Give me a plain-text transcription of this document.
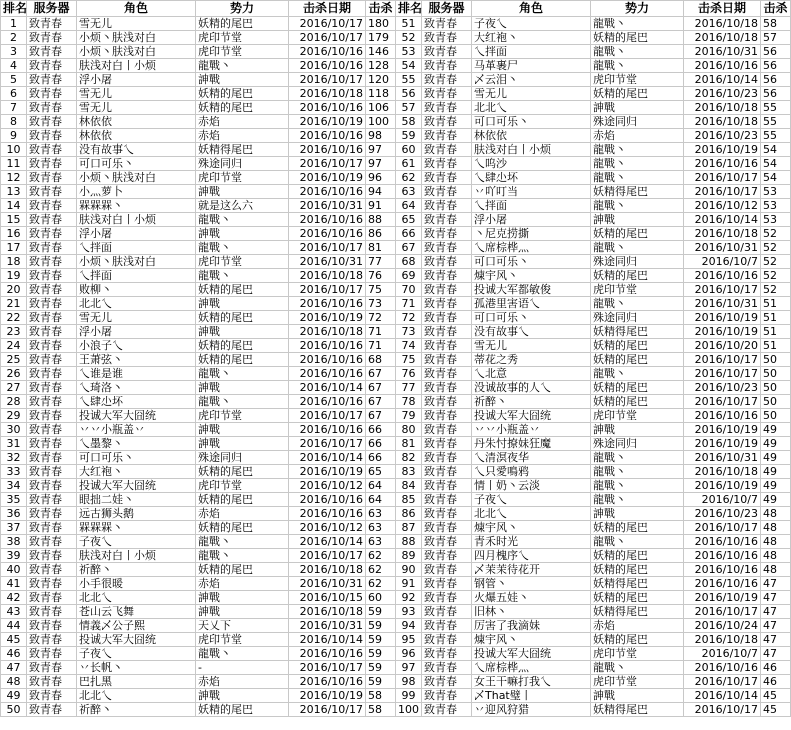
排名	服务器	角色	势力	击杀日期	击杀	排名	服务器	角色	势力	击杀日期	击杀
1	致青春	雪无儿	妖精的尾巴	2016/10/17	180	51	致青春	子夜乀	龍戰丶	2016/10/18	58
2	致青春	小烦丶肤浅对白	虎印节堂	2016/10/17	179	52	致青春	大红袍丶	妖精的尾巴	2016/10/18	57
3	致青春	小烦丶肤浅对白	虎印节堂	2016/10/16	146	53	致青春	乀拌面	龍戰丶	2016/10/31	56
4	致青春	肤浅对白丨小烦	龍戰丶	2016/10/16	128	54	致青春	马革裹尸	龍戰丶	2016/10/16	56
5	致青春	浮小屠	訷戰	2016/10/17	120	55	致青春	乄云泪丶	虎印节堂	2016/10/14	56
6	致青春	雪无儿	妖精的尾巴	2016/10/18	118	56	致青春	雪无儿	妖精的尾巴	2016/10/23	56
7	致青春	雪无儿	妖精的尾巴	2016/10/16	106	57	致青春	北北乀	訷戰	2016/10/18	55
8	致青春	林依依	赤焰	2016/10/19	100	58	致青春	可口可乐丶	殊途同归	2016/10/18	55
9	致青春	林依依	赤焰	2016/10/16	98	59	致青春	林依依	赤焰	2016/10/23	55
10	致青春	没有故事乀	妖精得尾巴	2016/10/16	97	60	致青春	肤浅对白丨小烦	龍戰丶	2016/10/19	54
11	致青春	可口可乐丶	殊途同归	2016/10/17	97	61	致青春	乀呜沙	龍戰丶	2016/10/16	54
12	致青春	小烦丶肤浅对白	虎印节堂	2016/10/19	96	62	致青春	乀肆尐坏	龍戰丶	2016/10/17	54
13	致青春	小灬萝卜	訷戰	2016/10/16	94	63	致青春	丷吖叮当	妖精得尾巴	2016/10/17	53
14	致青春	槑槑槑丶	就是这么六	2016/10/31	91	64	致青春	乀拌面	龍戰丶	2016/10/12	53
15	致青春	肤浅对白丨小烦	龍戰丶	2016/10/16	88	65	致青春	浮小屠	訷戰	2016/10/14	53
16	致青春	浮小屠	訷戰	2016/10/16	86	66	致青春	丶尼克捞撕	妖精的尾巴	2016/10/18	52
17	致青春	乀拌面	龍戰丶	2016/10/17	81	67	致青春	乀席棕桦灬	龍戰丶	2016/10/31	52
18	致青春	小烦丶肤浅对白	虎印节堂	2016/10/31	77	68	致青春	可口可乐丶	殊途同归	2016/10/7	52
19	致青春	乀拌面	龍戰丶	2016/10/18	76	69	致青春	煉宇风丶	妖精的尾巴	2016/10/16	52
20	致青春	败柳丶	妖精的尾巴	2016/10/17	75	70	致青春	投诚大军都敏俊	虎印节堂	2016/10/17	52
21	致青春	北北乀	訷戰	2016/10/16	73	71	致青春	孤港里害语乀	龍戰丶	2016/10/31	51
22	致青春	雪无儿	妖精的尾巴	2016/10/19	72	72	致青春	可口可乐丶	殊途同归	2016/10/19	51
23	致青春	浮小屠	訷戰	2016/10/18	71	73	致青春	没有故事乀	妖精得尾巴	2016/10/19	51
24	致青春	小浪子乀	妖精的尾巴	2016/10/16	71	74	致青春	雪无儿	妖精的尾巴	2016/10/20	51
25	致青春	王萧弦丶	妖精的尾巴	2016/10/16	68	75	致青春	蒂花之秀	妖精的尾巴	2016/10/17	50
26	致青春	乀谁是谁	龍戰丶	2016/10/16	67	76	致青春	乀北意	龍戰丶	2016/10/17	50
27	致青春	乀琦洛丶	訷戰	2016/10/14	67	77	致青春	没诚故事的人乀	妖精的尾巴	2016/10/23	50
28	致青春	乀肆尐坏	龍戰丶	2016/10/16	67	78	致青春	祈醉丶	妖精的尾巴	2016/10/17	50
29	致青春	投诚大军大囧统	虎印节堂	2016/10/17	67	79	致青春	投诚大军大囧统	虎印节堂	2016/10/16	50
30	致青春	丷丷小瓶盖丷	訷戰	2016/10/16	66	80	致青春	丷丷小瓶盖丷	訷戰	2016/10/19	49
31	致青春	乀墨黎丶	訷戰	2016/10/17	66	81	致青春	丹朱忖撩妹狂魔	殊途同归	2016/10/19	49
32	致青春	可口可乐丶	殊途同归	2016/10/14	66	82	致青春	乀清溟夜华	龍戰丶	2016/10/31	49
33	致青春	大红袍丶	妖精的尾巴	2016/10/19	65	83	致青春	乀只愛鳴鸦	龍戰丶	2016/10/18	49
34	致青春	投诚大军大囧统	虎印节堂	2016/10/12	64	84	致青春	情丨奶丶云淡	龍戰丶	2016/10/19	49
35	致青春	眼拙二娃丶	妖精的尾巴	2016/10/16	64	85	致青春	子夜乀	龍戰丶	2016/10/7	49
36	致青春	远古狮头鹅	赤焰	2016/10/16	63	86	致青春	北北乀	訷戰	2016/10/23	48
37	致青春	槑槑槑丶	妖精的尾巴	2016/10/12	63	87	致青春	煉宇风丶	妖精的尾巴	2016/10/17	48
38	致青春	子夜乀	龍戰丶	2016/10/14	63	88	致青春	青禾时光	龍戰丶	2016/10/16	48
39	致青春	肤浅对白丨小烦	龍戰丶	2016/10/17	62	89	致青春	四月槐序乀	妖精的尾巴	2016/10/16	48
40	致青春	祈醉丶	妖精的尾巴	2016/10/18	62	90	致青春	乄茉茉待花开	妖精的尾巴	2016/10/16	48
41	致青春	小手很暖	赤焰	2016/10/31	62	91	致青春	钢管丶	妖精得尾巴	2016/10/16	47
42	致青春	北北乀	訷戰	2016/10/15	60	92	致青春	火爆五娃丶	妖精的尾巴	2016/10/19	47
43	致青春	苍山云飞舞	訷戰	2016/10/18	59	93	致青春	旧林丶	妖精得尾巴	2016/10/17	47
44	致青春	情義乄公子熙	天乂下	2016/10/31	59	94	致青春	厉害了我滴妹	赤焰	2016/10/24	47
45	致青春	投诚大军大囧统	虎印节堂	2016/10/14	59	95	致青春	煉宇风丶	妖精的尾巴	2016/10/18	47
46	致青春	子夜乀	龍戰丶	2016/10/16	59	96	致青春	投诚大军大囧统	虎印节堂	2016/10/7	47
47	致青春	丷长帆丶	-	2016/10/17	59	97	致青春	乀席棕桦灬	龍戰丶	2016/10/16	46
48	致青春	巴扎黑	赤焰	2016/10/16	59	98	致青春	女王干嘛打我乀	虎印节堂	2016/10/17	46
49	致青春	北北乀	訷戰	2016/10/19	58	99	致青春	乄That璧丨	訷戰	2016/10/14	45
50	致青春	祈醉丶	妖精的尾巴	2016/10/17	58	100	致青春	丷迎风狩猎	妖精得尾巴	2016/10/17	45
